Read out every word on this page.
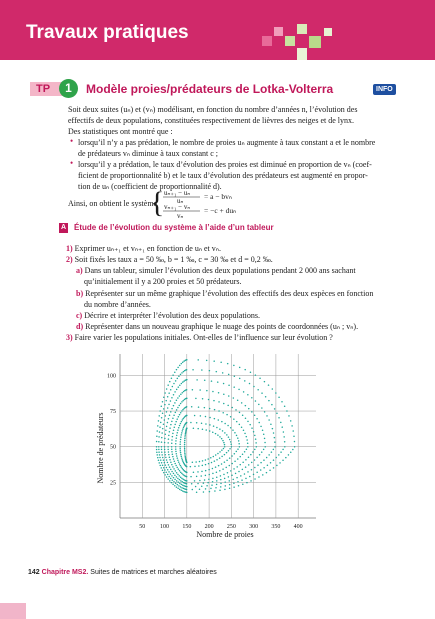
Travaux pratiques
TP	1	Modèle proies/prédateurs de Lotka-Volterra	INFO
Soit deux suites (uₙ) et (vₙ) modélisant, en fonction du nombre d’années n, l’évolution des
effectifs de deux populations, constituées respectivement de lièvres des neiges et de lynx.
Des statistiques ont montré que :
• lorsqu’il n’y a pas prédation, le nombre de proies uₙ augmente à taux constant a et le nombre
de prédateurs vₙ diminue à taux constant c ;
• lorsqu’il y a prédation, le taux d’évolution des proies est diminué en proportion de vₙ (coef-
ficient de proportionnalité b) et le taux d’évolution des prédateurs est augmenté en propor-
tion de uₙ (coefficient de proportionnalité d).
Ainsi, on obtient le système
{ uₙ₊₁ − uₙ
uₙ	= a − bvₙ
vₙ₊₁ − vₙ
vₙ
= −c + duₙ
A Étude de l’évolution du système à l’aide d’un tableur
1) Exprimer uₙ₊₁ et vₙ₊₁ en fonction de uₙ et vₙ.
2) Soit fixés les taux a = 50 ‰, b = 1 ‰, c = 30 ‰ et d = 0,2 ‰.
a) Dans un tableur, simuler l’évolution des deux populations pendant 2 000 ans sachant
qu’initialement il y a 200 proies et 50 prédateurs.
b) Représenter sur un même graphique l’évolution des effectifs des deux espèces en fonction
du nombre d’années.
c) Décrire et interpréter l’évolution des deux populations.
d) Représenter dans un nouveau graphique le nuage des points de coordonnées (uₙ ; vₙ).
3) Faire varier les populations initiales. Ont-elles de l’influence sur leur évolution ?
50 100 150 200 250 300 350 400
25
50
75
100
Nombre de proies
Nombre de prédateurs
142 Chapitre MS2. Suites de matrices et marches aléatoires
